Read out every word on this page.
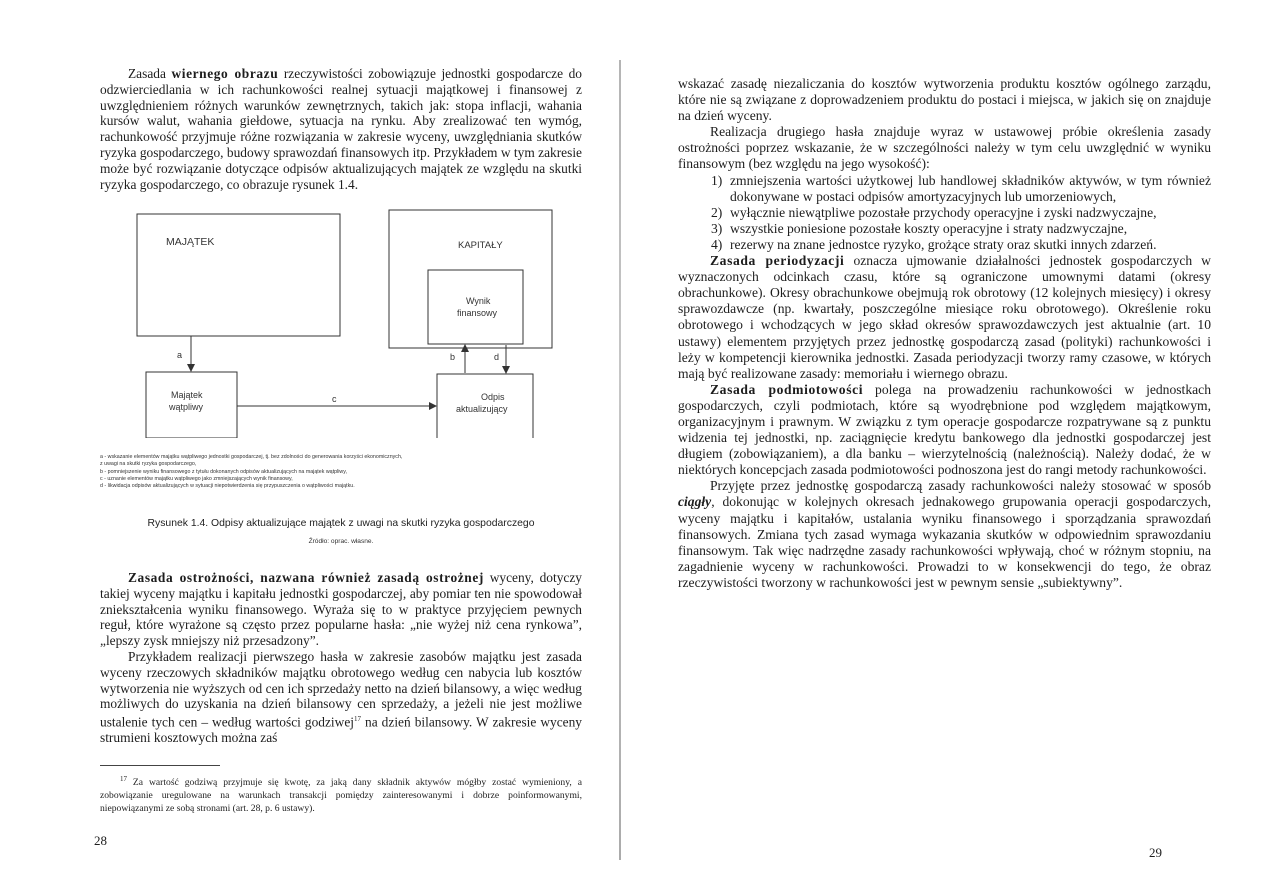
Zasada wiernego obrazu rzeczywistości zobowiązuje jednostki gospodarcze do odzwierciedlania w ich rachunkowości realnej sytuacji majątkowej i finansowej z uwzględnieniem różnych warunków zewnętrznych, takich jak: stopa inflacji, wahania kursów walut, wahania giełdowe, sytuacja na rynku. Aby zrealizować ten wymóg, rachunkowość przyjmuje różne rozwiązania w zakresie wyceny, uwzględniania skutków ryzyka gospodarczego, budowy sprawozdań finansowych itp. Przykładem w tym zakresie może być rozwiązanie dotyczące odpisów aktualizujących majątek ze względu na skutki ryzyka gospodarczego, co obrazuje rysunek 1.4.

MAJĄTEK	KAPITAŁY
Wynik
finansowy
Majątek
wątpliwy
Odpis
aktualizujący
a
c
b	d
a - wskazanie elementów majątku wątpliwego jednostki gospodarczej, tj. bez zdolności do generowania korzyści ekonomicznych,
z uwagi na skutki ryzyka gospodarczego,
b - pomniejszenie wyniku finansowego z tytułu dokonanych odpisów aktualizujących na majątek wątpliwy,
c - uznanie elementów majątku wątpliwego jako zmniejszających wynik finansowy,
d - likwidacja odpisów aktualizujących w sytuacji niepotwierdzenia się przypuszczenia o wątpliwości majątku.
Rysunek 1.4. Odpisy aktualizujące majątek z uwagi na skutki ryzyka gospodarczego
Źródło: oprac. własne.

Zasada ostrożności, nazwana również zasadą ostrożnej wyceny, dotyczy takiej wyceny majątku i kapitału jednostki gospodarczej, aby pomiar ten nie spowodował zniekształcenia wyniku finansowego. Wyraża się to w praktyce przyjęciem pewnych reguł, które wyrażone są często przez popularne hasła: „nie wyżej niż cena rynkowa”, „lepszy zysk mniejszy niż przesadzony”.

Przykładem realizacji pierwszego hasła w zakresie zasobów majątku jest zasada wyceny rzeczowych składników majątku obrotowego według cen nabycia lub kosztów wytworzenia nie wyższych od cen ich sprzedaży netto na dzień bilansowy, a więc według możliwych do uzyskania na dzień bilansowy cen sprzedaży, a jeżeli nie jest możliwe ustalenie tych cen – według wartości godziwej$^{17}$ na dzień bilansowy. W zakresie wyceny strumieni kosztowych można zaś

$^{17}$ Za wartość godziwą przyjmuje się kwotę, za jaką dany składnik aktywów mógłby zostać wymieniony, a zobowiązanie uregulowane na warunkach transakcji pomiędzy zainteresowanymi i dobrze poinformowanymi, niepowiązanymi ze sobą stronami (art. 28, p. 6 ustawy).
28

wskazać zasadę niezaliczania do kosztów wytworzenia produktu kosztów ogólnego zarządu, które nie są związane z doprowadzeniem produktu do postaci i miejsca, w jakich się on znajduje na dzień wyceny.

Realizacja drugiego hasła znajduje wyraz w ustawowej próbie określenia zasady ostrożności poprzez wskazanie, że w szczególności należy w tym celu uwzględnić w wyniku finansowym (bez względu na jego wysokość):

1) zmniejszenia wartości użytkowej lub handlowej składników aktywów, w tym również dokonywane w postaci odpisów amortyzacyjnych lub umorzeniowych,
2) wyłącznie niewątpliwe pozostałe przychody operacyjne i zyski nadzwyczajne,
3) wszystkie poniesione pozostałe koszty operacyjne i straty nadzwyczajne,
4) rezerwy na znane jednostce ryzyko, grożące straty oraz skutki innych zdarzeń.

Zasada periodyzacji oznacza ujmowanie działalności jednostek gospodarczych w wyznaczonych odcinkach czasu, które są ograniczone umownymi datami (okresy obrachunkowe). Okresy obrachunkowe obejmują rok obrotowy (12 kolejnych miesięcy) i okresy sprawozdawcze (np. kwartały, poszczególne miesiące roku obrotowego). Określenie roku obrotowego i wchodzących w jego skład okresów sprawozdawczych jest aktualnie (art. 10 ustawy) elementem przyjętych przez jednostkę gospodarczą zasad (polityki) rachunkowości i leży w kompetencji kierownika jednostki. Zasada periodyzacji tworzy ramy czasowe, w których mają być realizowane zasady: memoriału i wiernego obrazu.

Zasada podmiotowości polega na prowadzeniu rachunkowości w jednostkach gospodarczych, czyli podmiotach, które są wyodrębnione pod względem majątkowym, organizacyjnym i prawnym. W związku z tym operacje gospodarcze rozpatrywane są z punktu widzenia tej jednostki, np. zaciągnięcie kredytu bankowego dla jednostki gospodarczej jest długiem (zobowiązaniem), a dla banku – wierzytelnością (należnością). Należy dodać, że w niektórych koncepcjach zasada podmiotowości podnoszona jest do rangi metody rachunkowości.

Przyjęte przez jednostkę gospodarczą zasady rachunkowości należy stosować w sposób ciągły, dokonując w kolejnych okresach jednakowego grupowania operacji gospodarczych, wyceny majątku i kapitałów, ustalania wyniku finansowego i sporządzania sprawozdań finansowych. Zmiana tych zasad wymaga wykazania skutków w odpowiednim sprawozdaniu finansowym. Tak więc nadrzędne zasady rachunkowości wpływają, choć w różnym stopniu, na zagadnienie wyceny w rachunkowości. Prowadzi to w konsekwencji do tego, że obraz rzeczywistości tworzony w rachunkowości jest w pewnym sensie „subiektywny”.

29
